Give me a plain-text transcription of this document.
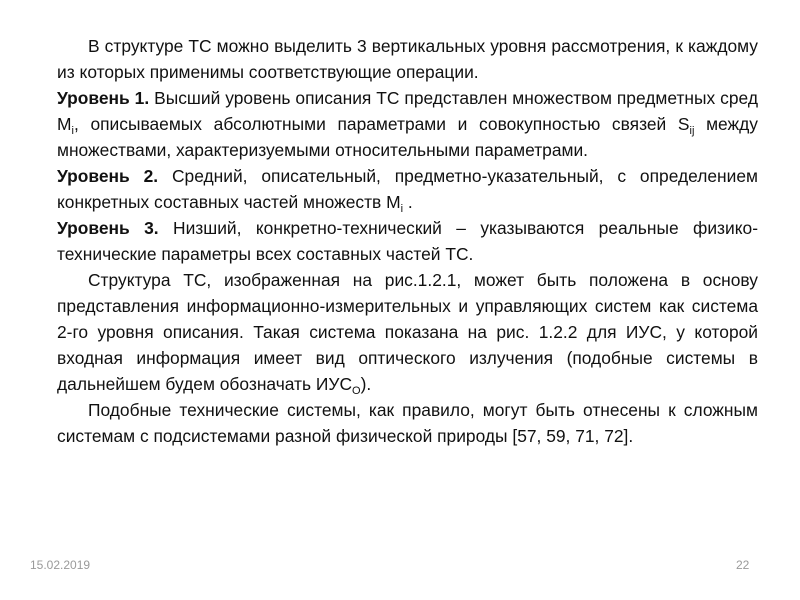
В структуре ТС можно выделить 3 вертикальных уровня рассмотрения, к каждому из которых применимы соответствующие операции.

Уровень 1. Высший уровень описания ТС представлен множеством предметных сред $M_i$, описываемых абсолютными параметрами и совокупностью связей $S_{ij}$ между множествами, характеризуемыми относительными параметрами.

Уровень 2. Средний, описательный, предметно-указательный, с определением конкретных составных частей множеств $M_i$ .

Уровень 3. Низший, конкретно-технический – указываются реальные физико-технические параметры всех составных частей ТС.

Структура ТС, изображенная на рис.1.2.1, может быть положена в основу представления информационно-измерительных и управляющих систем как система 2-го уровня описания. Такая система показана на рис. 1.2.2 для ИУС, у которой входная информация имеет вид оптического излучения (подобные системы в дальнейшем будем обозначать $ИУС_О$).

Подобные технические системы, как правило, могут быть отнесены к сложным системам с подсистемами разной физической природы [57, 59, 71, 72].

15.02.2019	22
